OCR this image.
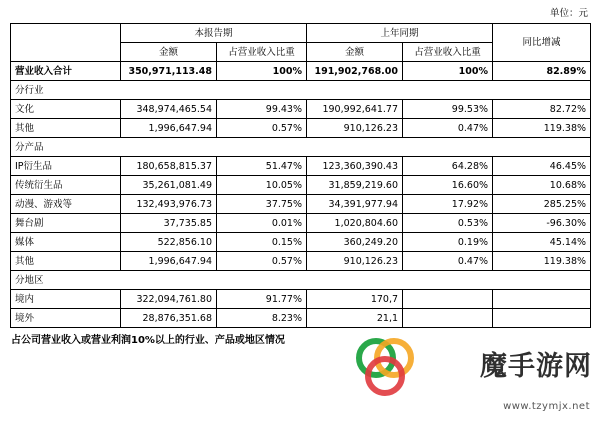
单位：元

	本报告期		上年同期		同比增减

	金额	占营业收入比重	金额	占营业收入比重	

营业收入合计	350,971,113.48	100%	191,902,768.00	100%	82.89%

分行业					

文化	348,974,465.54	99.43%	190,992,641.77	99.53%	82.72%

其他	1,996,647.94	0.57%	910,126.23	0.47%	119.38%

分产品					

IP衍生品	180,658,815.37	51.47%	123,360,390.43	64.28%	46.45%

传统衍生品	35,261,081.49	10.05%	31,859,219.60	16.60%	10.68%

动漫、游戏等	132,493,976.73	37.75%	34,391,977.94	17.92%	285.25%

舞台剧	37,735.85	0.01%	1,020,804.60	0.53%	-96.30%

媒体	522,856.10	0.15%	360,249.20	0.19%	45.14%

其他	1,996,647.94	0.57%	910,126.23	0.47%	119.38%

分地区					

境内	322,094,761.80	91.77%	170,7		

境外	28,876,351.68	8.23%	21,1		

占公司营业收入或营业利润10%以上的行业、产品或地区情况
魔手游网
www.tzymjx.net
